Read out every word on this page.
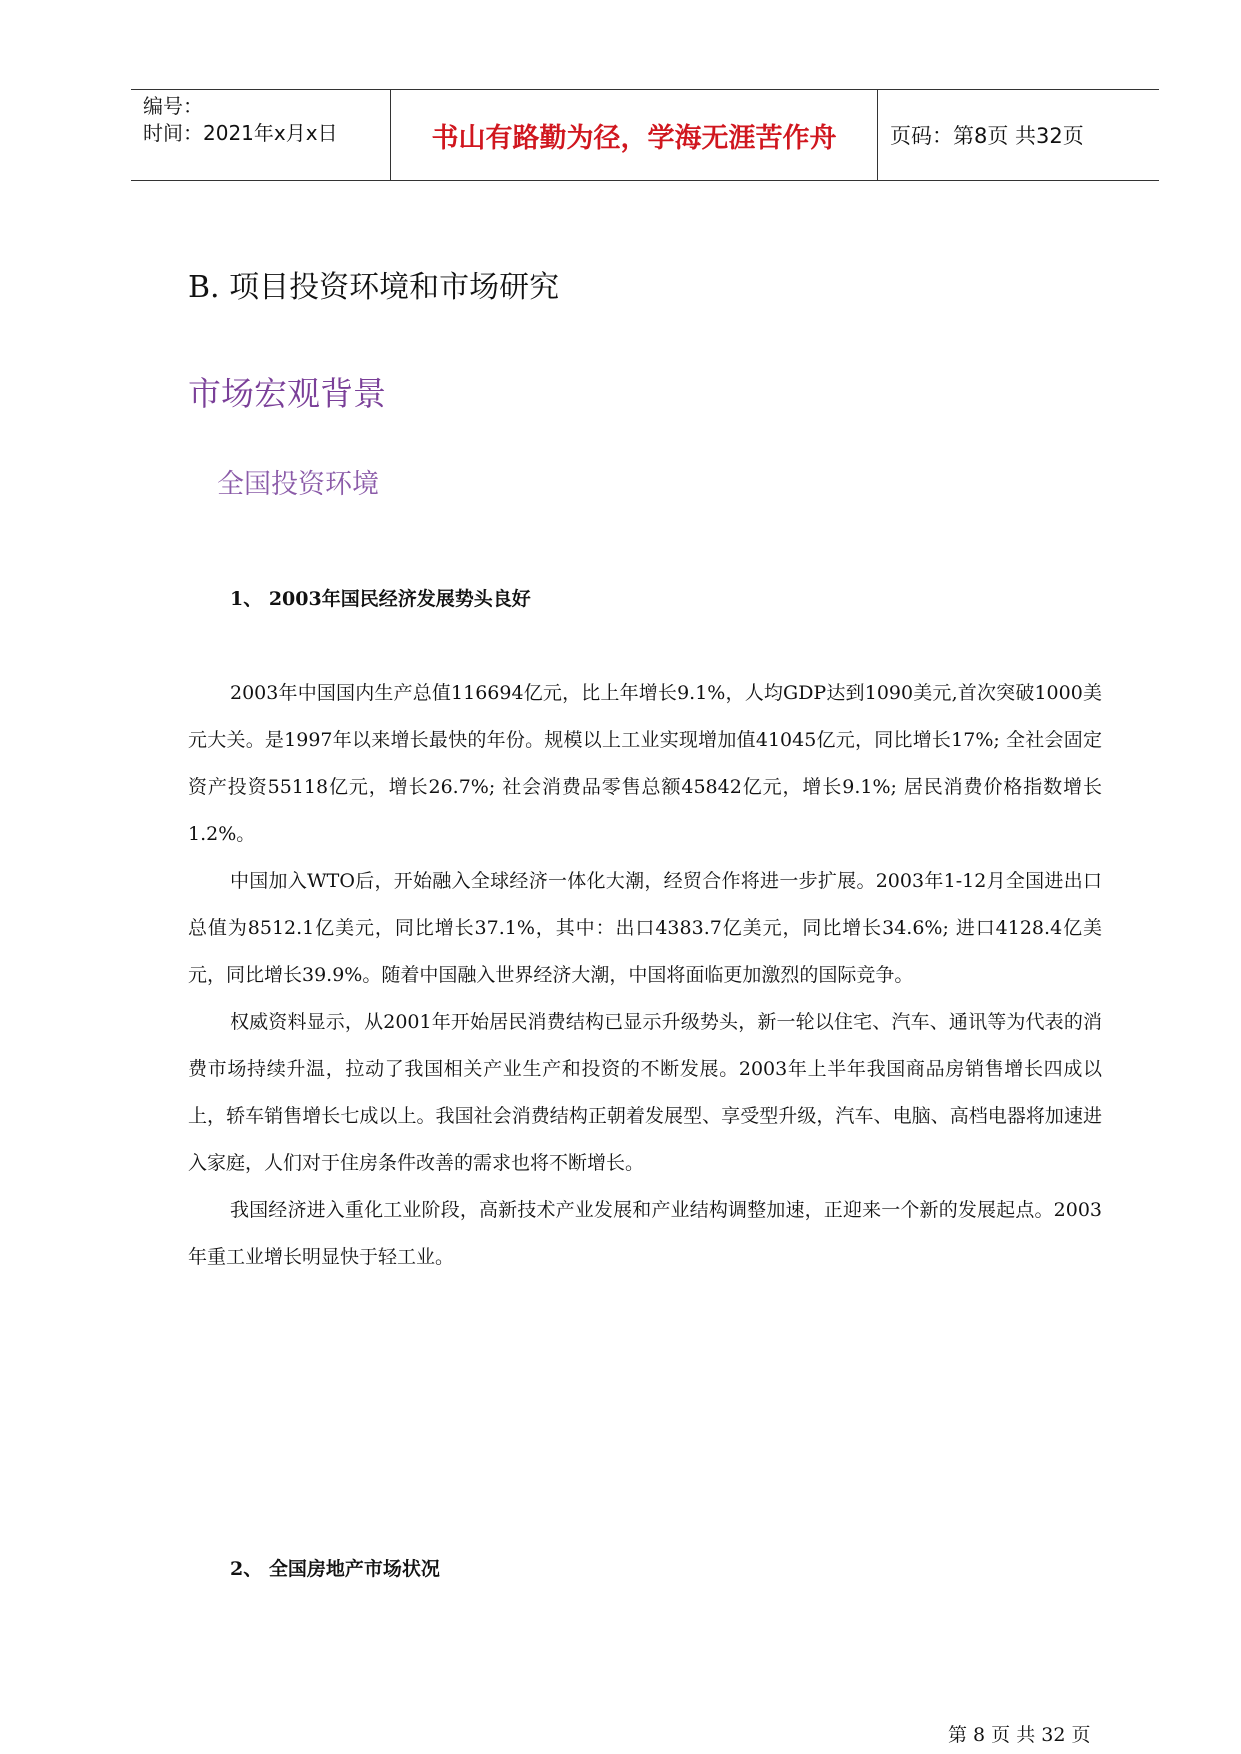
编号：
时间：2021年x月x日	书山有路勤为径，学海无涯苦作舟	页码：第8页 共32页
B. 项目投资环境和市场研究
市场宏观背景
全国投资环境
1、 2003年国民经济发展势头良好

2003年中国国内生产总值116694亿元，比上年增长9.1%，人均GDP达到1090美元,首次突破1000美元大关。是1997年以来增长最快的年份。规模以上工业实现增加值41045亿元，同比增长17%; 全社会固定资产投资55118亿元，增长26.7%; 社会消费品零售总额45842亿元，增长9.1%; 居民消费价格指数增长1.2%。

中国加入WTO后，开始融入全球经济一体化大潮，经贸合作将进一步扩展。2003年1-12月全国进出口总值为8512.1亿美元，同比增长37.1%，其中：出口4383.7亿美元，同比增长34.6%; 进口4128.4亿美元，同比增长39.9%。随着中国融入世界经济大潮，中国将面临更加激烈的国际竞争。

权威资料显示，从2001年开始居民消费结构已显示升级势头，新一轮以住宅、汽车、通讯等为代表的消费市场持续升温，拉动了我国相关产业生产和投资的不断发展。2003年上半年我国商品房销售增长四成以上，轿车销售增长七成以上。我国社会消费结构正朝着发展型、享受型升级，汽车、电脑、高档电器将加速进入家庭，人们对于住房条件改善的需求也将不断增长。

我国经济进入重化工业阶段，高新技术产业发展和产业结构调整加速，正迎来一个新的发展起点。2003年重工业增长明显快于轻工业。

2、 全国房地产市场状况
第 8 页 共 32 页
